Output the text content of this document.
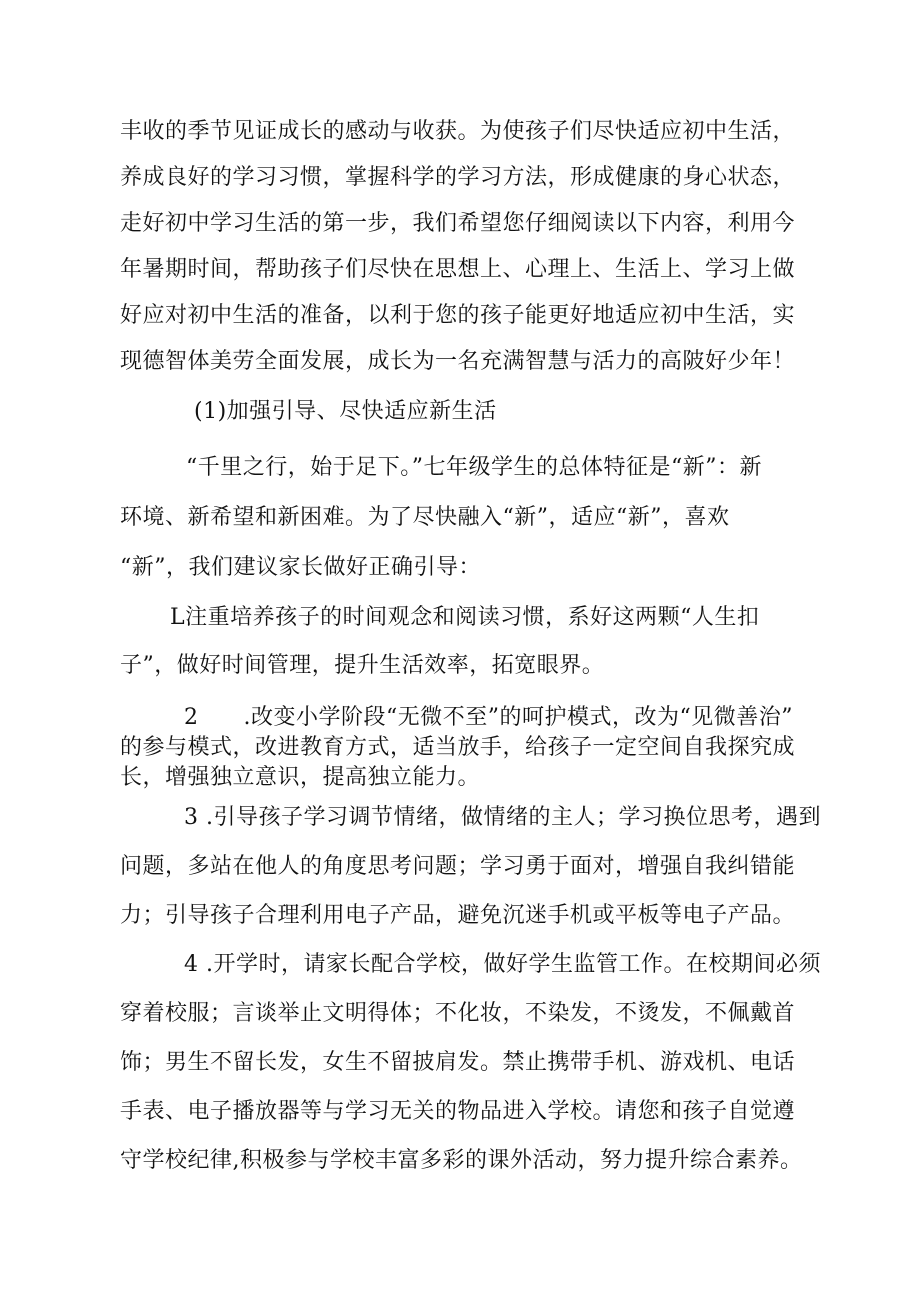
丰收的季节见证成长的感动与收获。为使孩子们尽快适应初中生活，
养成良好的学习习惯，掌握科学的学习方法，形成健康的身心状态，
走好初中学习生活的第一步，我们希望您仔细阅读以下内容，利用今
年暑期时间，帮助孩子们尽快在思想上、心理上、生活上、学习上做
好应对初中生活的准备，以利于您的孩子能更好地适应初中生活，实
现德智体美劳全面发展，成长为一名充满智慧与活力的高陂好少年！
(1)加强引导、尽快适应新生活
“千里之行，始于足下。”七年级学生的总体特征是“新”：新
环境、新希望和新困难。为了尽快融入“新”，适应“新”，喜欢
“新”，我们建议家长做好正确引导：
L注重培养孩子的时间观念和阅读习惯，系好这两颗“人生扣
子”，做好时间管理，提升生活效率，拓宽眼界。
2　　.改变小学阶段“无微不至”的呵护模式，改为“见微善治”
的参与模式，改进教育方式，适当放手，给孩子一定空间自我探究成
长，增强独立意识，提高独立能力。
3 .引导孩子学习调节情绪，做情绪的主人；学习换位思考，遇到
问题，多站在他人的角度思考问题；学习勇于面对，增强自我纠错能
力；引导孩子合理利用电子产品，避免沉迷手机或平板等电子产品。
4 .开学时，请家长配合学校，做好学生监管工作。在校期间必须
穿着校服；言谈举止文明得体；不化妆，不染发，不烫发，不佩戴首
饰；男生不留长发，女生不留披肩发。禁止携带手机、游戏机、电话
手表、电子播放器等与学习无关的物品进入学校。请您和孩子自觉遵
守学校纪律,积极参与学校丰富多彩的课外活动，努力提升综合素养。
